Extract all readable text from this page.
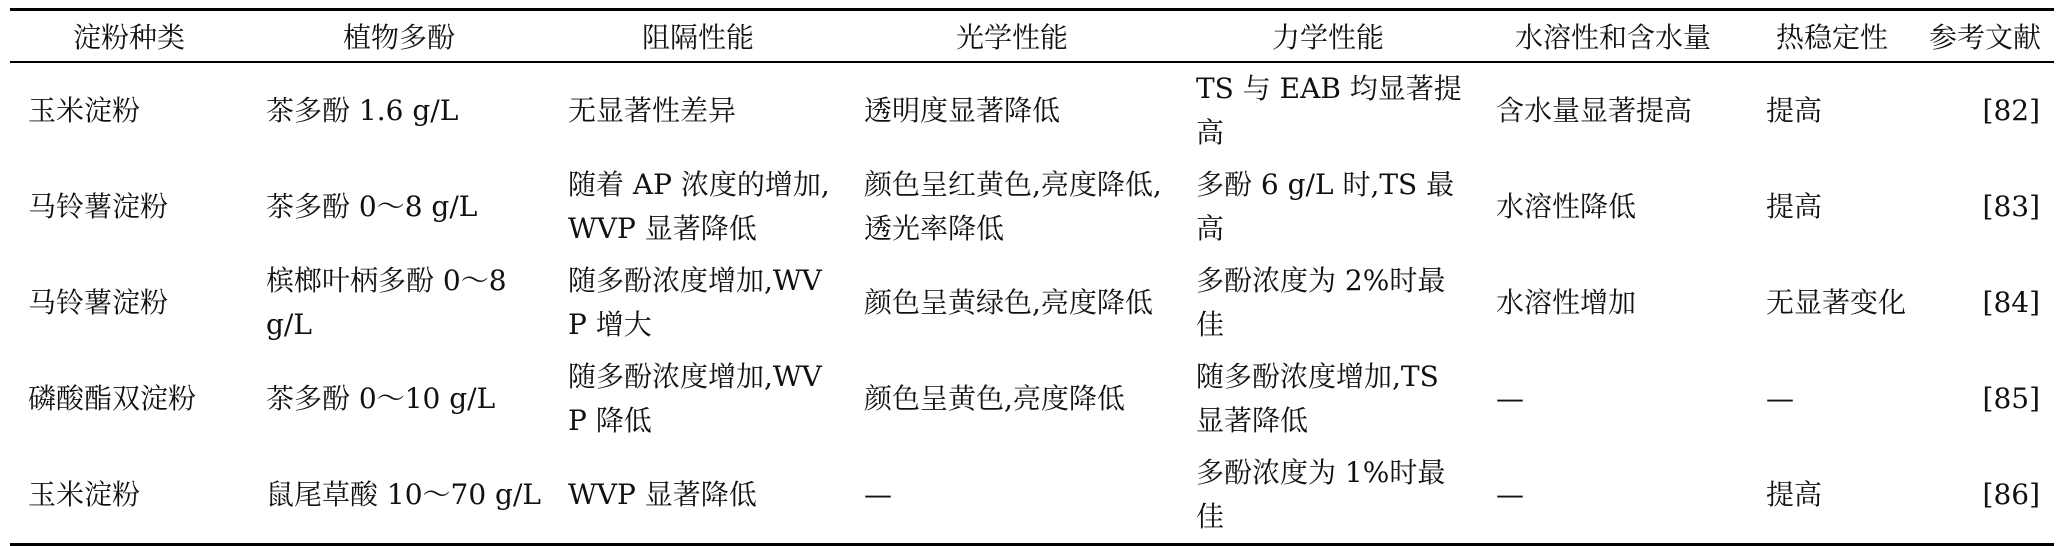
淀粉种类	植物多酚	阻隔性能	光学性能	力学性能	水溶性和含水量	热稳定性	参考文献
玉米淀粉	茶多酚 1.6 g/L	无显著性差异	透明度显著降低	TS 与 EAB 均显著提高	含水量显著提高	提高	[82]
马铃薯淀粉	茶多酚 0～8 g/L	随着 AP 浓度的增加,WVP 显著降低	颜色呈红黄色,亮度降低,透光率降低	多酚 6 g/L 时,TS 最高	水溶性降低	提高	[83]
马铃薯淀粉	槟榔叶柄多酚 0～8 g/L	随多酚浓度增加,WVP 增大	颜色呈黄绿色,亮度降低	多酚浓度为 2%时最佳	水溶性增加	无显著变化	[84]
磷酸酯双淀粉	茶多酚 0～10 g/L	随多酚浓度增加,WVP 降低	颜色呈黄色,亮度降低	随多酚浓度增加,TS 显著降低	—	—	[85]
玉米淀粉	鼠尾草酸 10～70 g/L	WVP 显著降低	—	多酚浓度为 1%时最佳	—	提高	[86]
